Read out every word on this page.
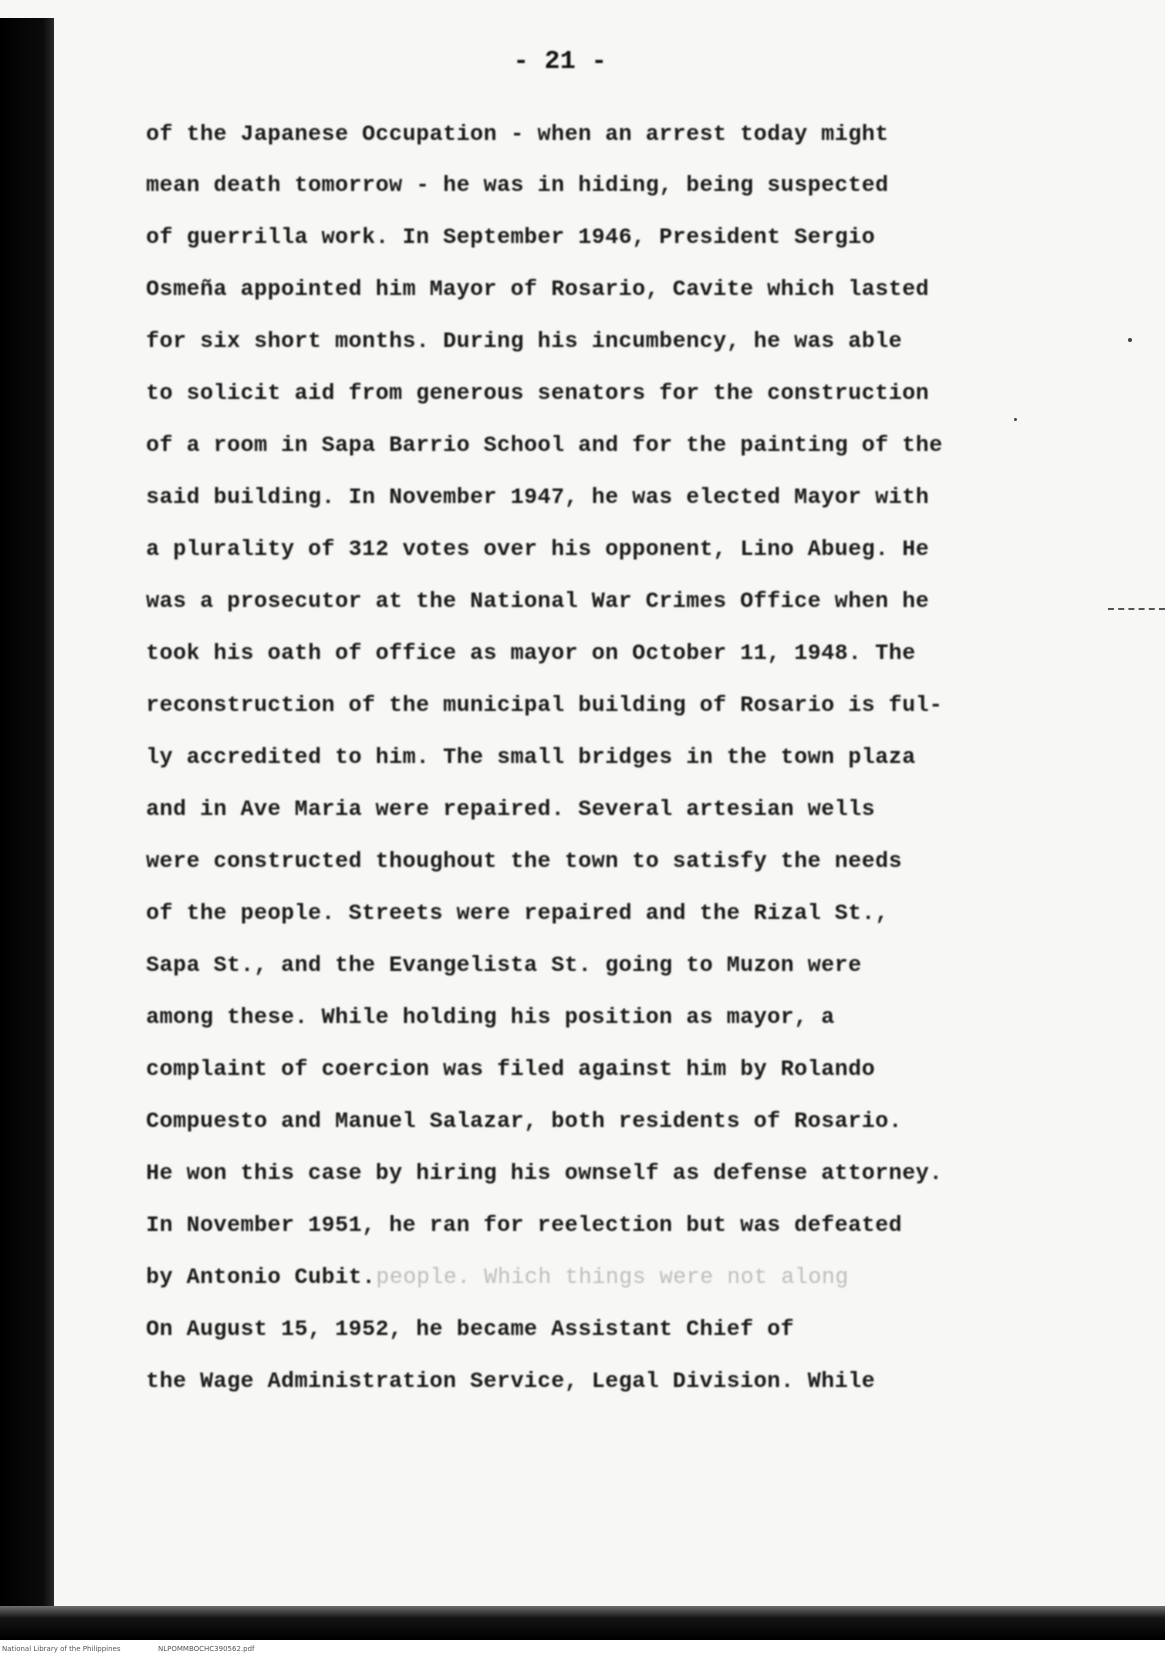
- 21 -
of the Japanese Occupation - when an arrest today might
mean death tomorrow - he was in hiding, being suspected
of guerrilla work. In September 1946, President Sergio
Osmeña appointed him Mayor of Rosario, Cavite which lasted
for six short months. During his incumbency, he was able
to solicit aid from generous senators for the construction
of a room in Sapa Barrio School and for the painting of the
said building. In November 1947, he was elected Mayor with
a plurality of 312 votes over his opponent, Lino Abueg. He
was a prosecutor at the National War Crimes Office when he
took his oath of office as mayor on October 11, 1948. The
reconstruction of the municipal building of Rosario is ful-
ly accredited to him. The small bridges in the town plaza
and in Ave Maria were repaired. Several artesian wells
were constructed thoughout the town to satisfy the needs
of the people. Streets were repaired and the Rizal St.,
Sapa St., and the Evangelista St. going to Muzon were
among these. While holding his position as mayor, a
complaint of coercion was filed against him by Rolando
Compuesto and Manuel Salazar, both residents of Rosario.
He won this case by hiring his ownself as defense attorney.
In November 1951, he ran for reelection but was defeated
by Antonio Cubit. people. Which things were not along
On August 15, 1952, he became Assistant Chief of
the Wage Administration Service, Legal Division. While
National Library of the Philippines	NLPOMMBOCHC390562.pdf
